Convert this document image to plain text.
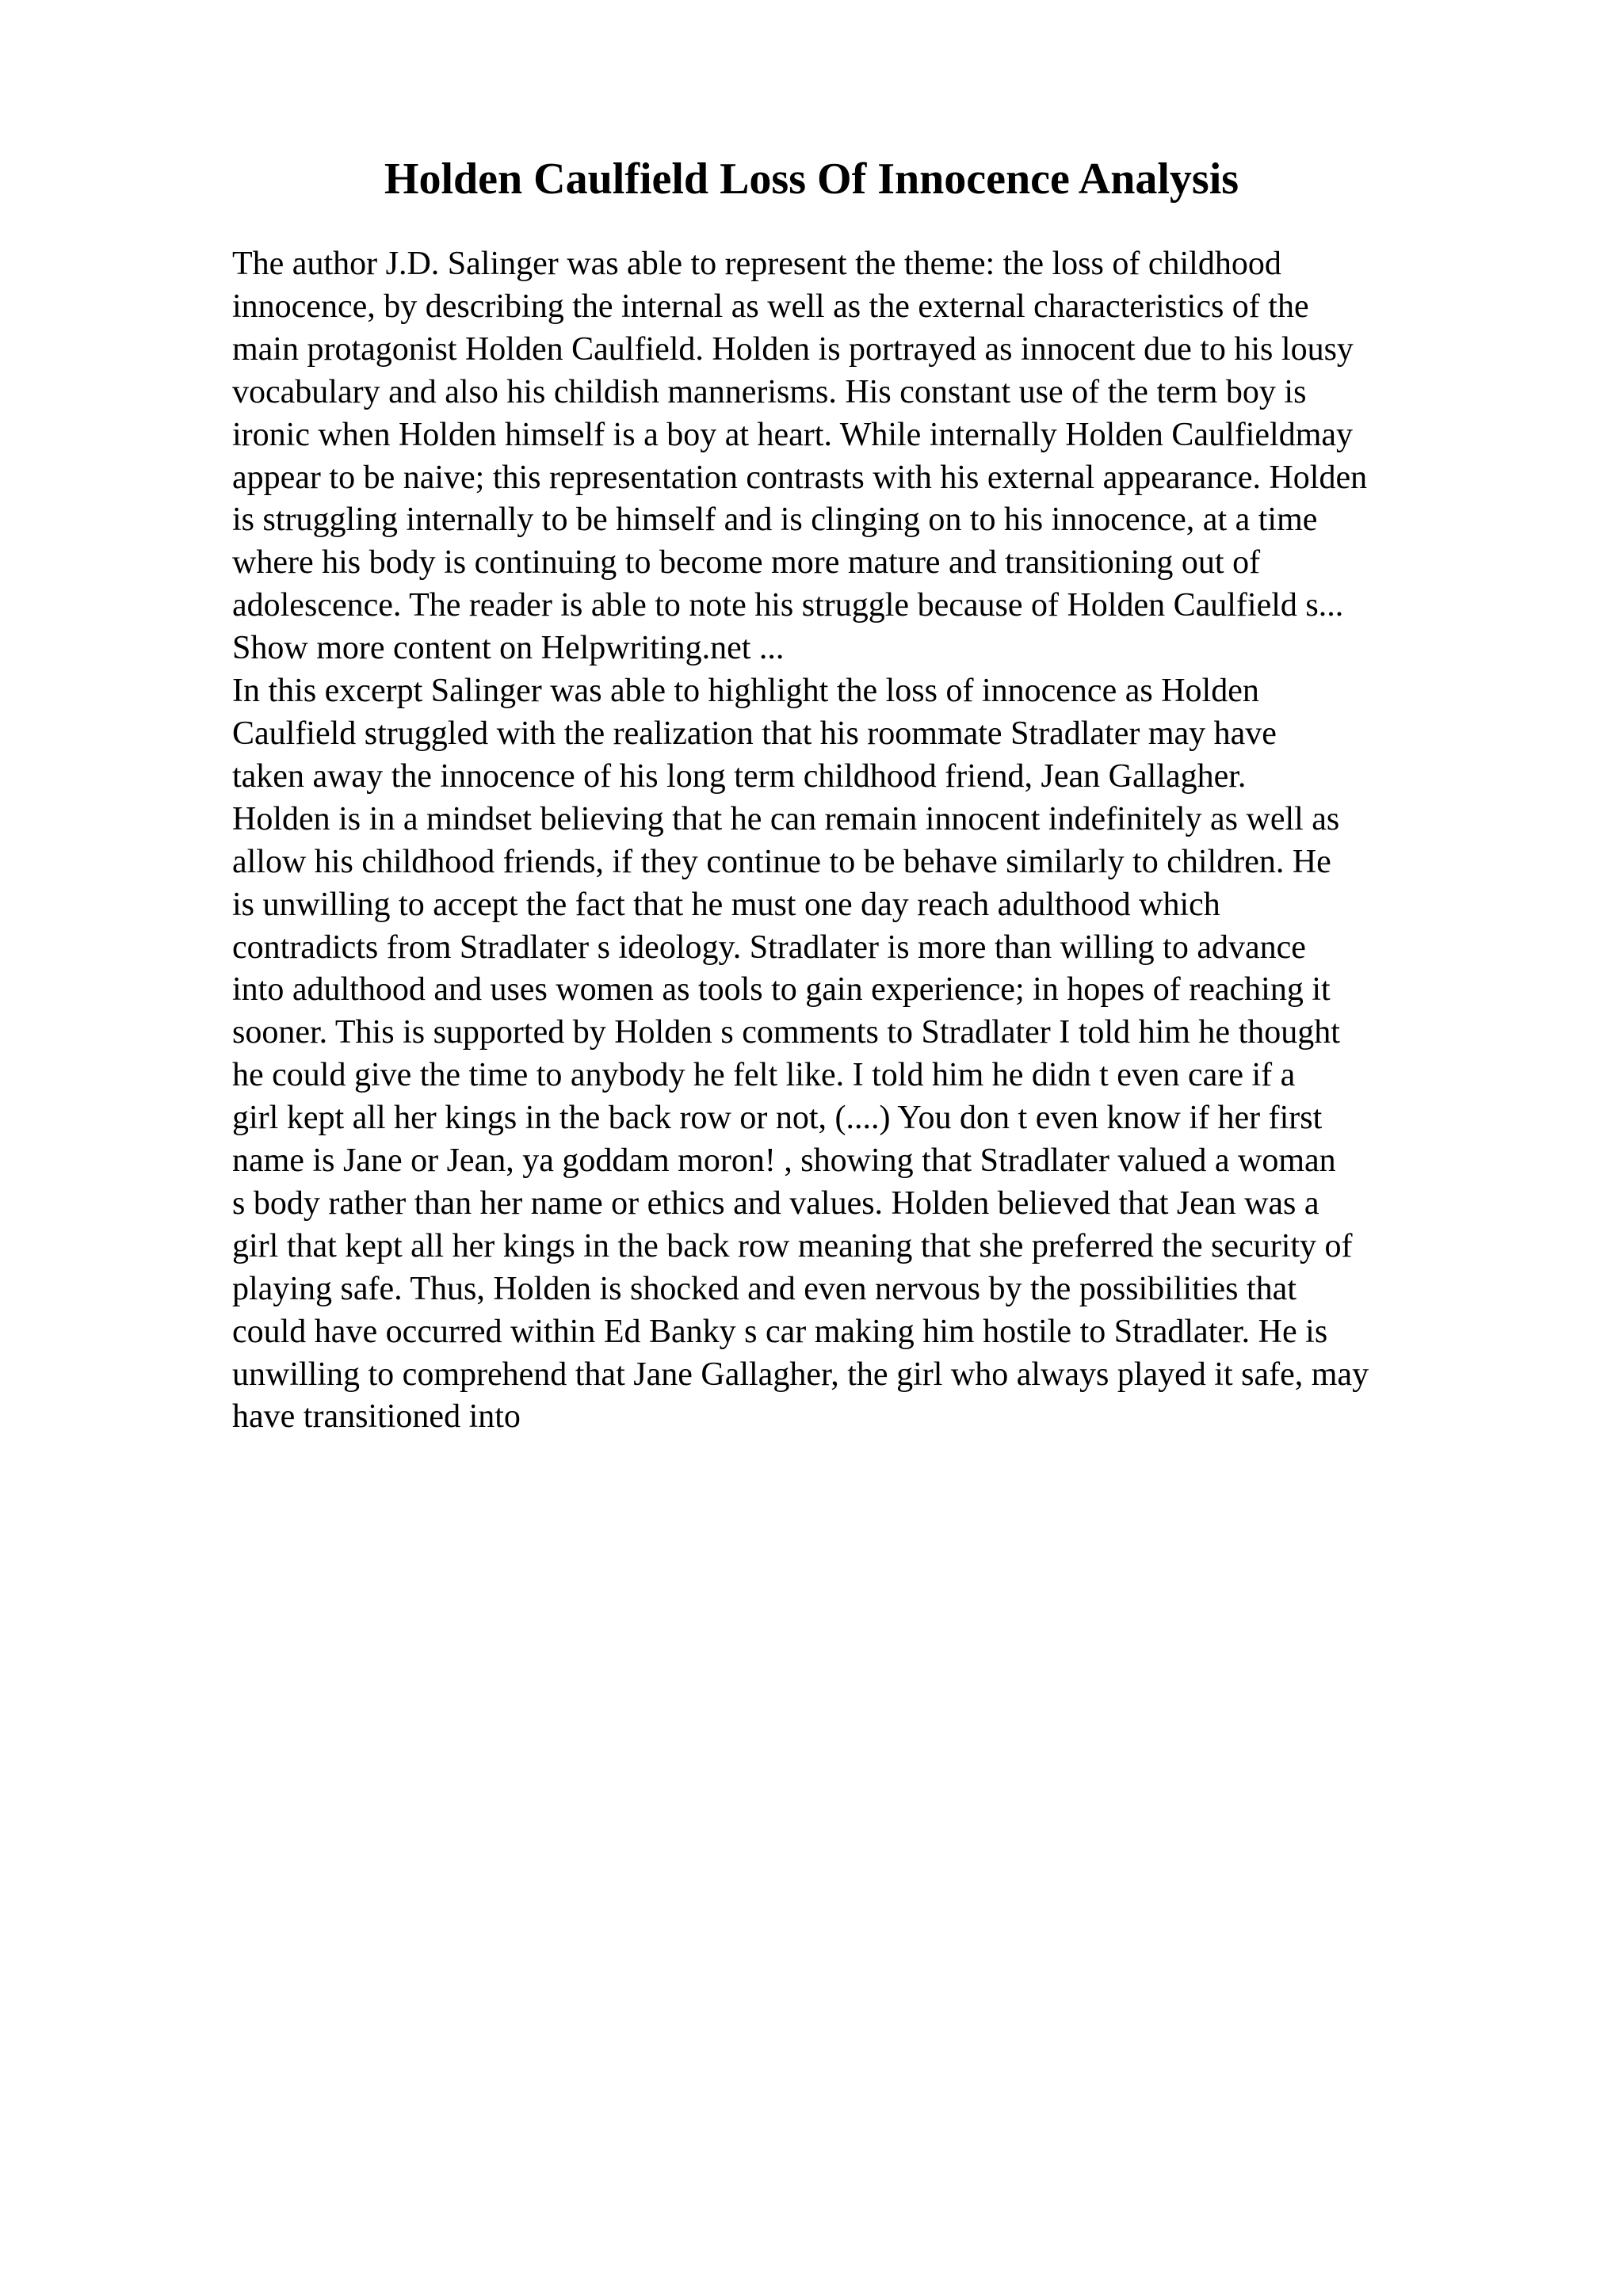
Holden Caulfield Loss Of Innocence Analysis
The author J.D. Salinger was able to represent the theme: the loss of childhood
innocence, by describing the internal as well as the external characteristics of the
main protagonist Holden Caulfield. Holden is portrayed as innocent due to his lousy
vocabulary and also his childish mannerisms. His constant use of the term boy is
ironic when Holden himself is a boy at heart. While internally Holden Caulfieldmay
appear to be naive; this representation contrasts with his external appearance. Holden
is struggling internally to be himself and is clinging on to his innocence, at a time
where his body is continuing to become more mature and transitioning out of
adolescence. The reader is able to note his struggle because of Holden Caulfield s...
Show more content on Helpwriting.net ...
In this excerpt Salinger was able to highlight the loss of innocence as Holden
Caulfield struggled with the realization that his roommate Stradlater may have
taken away the innocence of his long term childhood friend, Jean Gallagher.
Holden is in a mindset believing that he can remain innocent indefinitely as well as
allow his childhood friends, if they continue to be behave similarly to children. He
is unwilling to accept the fact that he must one day reach adulthood which
contradicts from Stradlater s ideology. Stradlater is more than willing to advance
into adulthood and uses women as tools to gain experience; in hopes of reaching it
sooner. This is supported by Holden s comments to Stradlater I told him he thought
he could give the time to anybody he felt like. I told him he didn t even care if a
girl kept all her kings in the back row or not, (....) You don t even know if her first
name is Jane or Jean, ya goddam moron! , showing that Stradlater valued a woman
s body rather than her name or ethics and values. Holden believed that Jean was a
girl that kept all her kings in the back row meaning that she preferred the security of
playing safe. Thus, Holden is shocked and even nervous by the possibilities that
could have occurred within Ed Banky s car making him hostile to Stradlater. He is
unwilling to comprehend that Jane Gallagher, the girl who always played it safe, may
have transitioned into
